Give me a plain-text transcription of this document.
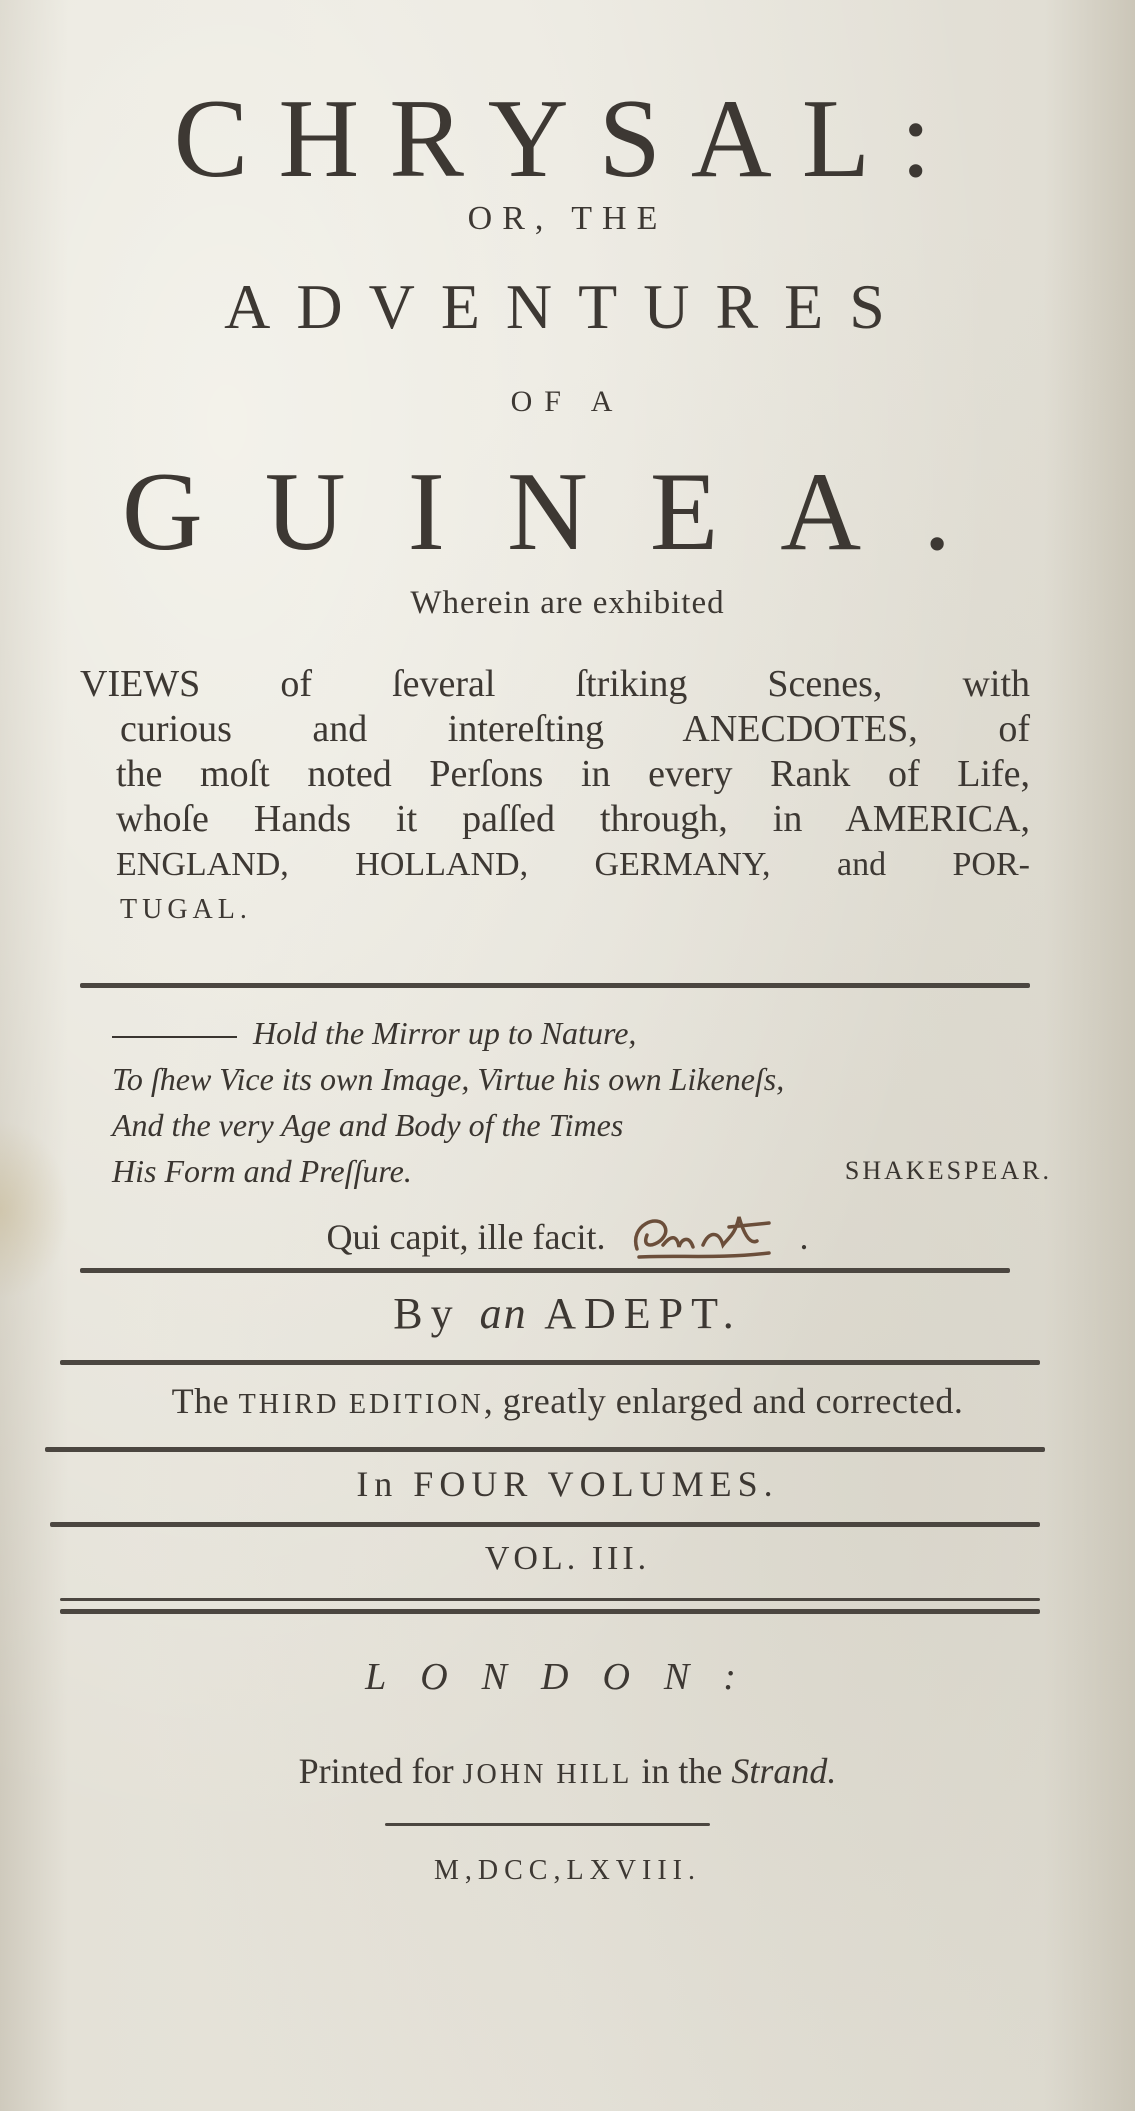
CHRYSAL:
OR, THE
ADVENTURES
OF A
GUINEA.
Wherein are exhibited
VIEWS of ſeveral ſtriking Scenes, with
curious and intereſting ANECDOTES, of
the moſt noted Perſons in every Rank of Life,
whoſe Hands it paſſed through, in AMERICA,
ENGLAND, HOLLAND, GERMANY, and POR-
TUGAL.
Hold the Mirror up to Nature,
To ſhew Vice its own Image, Virtue his own Likeneſs,
And the very Age and Body of the Times
His Form and Preſſure.	SHAKESPEAR.
Qui capit, ille facit.	.
By an ADEPT.
The THIRD EDITION, greatly enlarged and corrected.
In FOUR VOLUMES.
VOL. III.
LONDON:
Printed for JOHN HILL in the Strand.
M,DCC,LXVIII.
